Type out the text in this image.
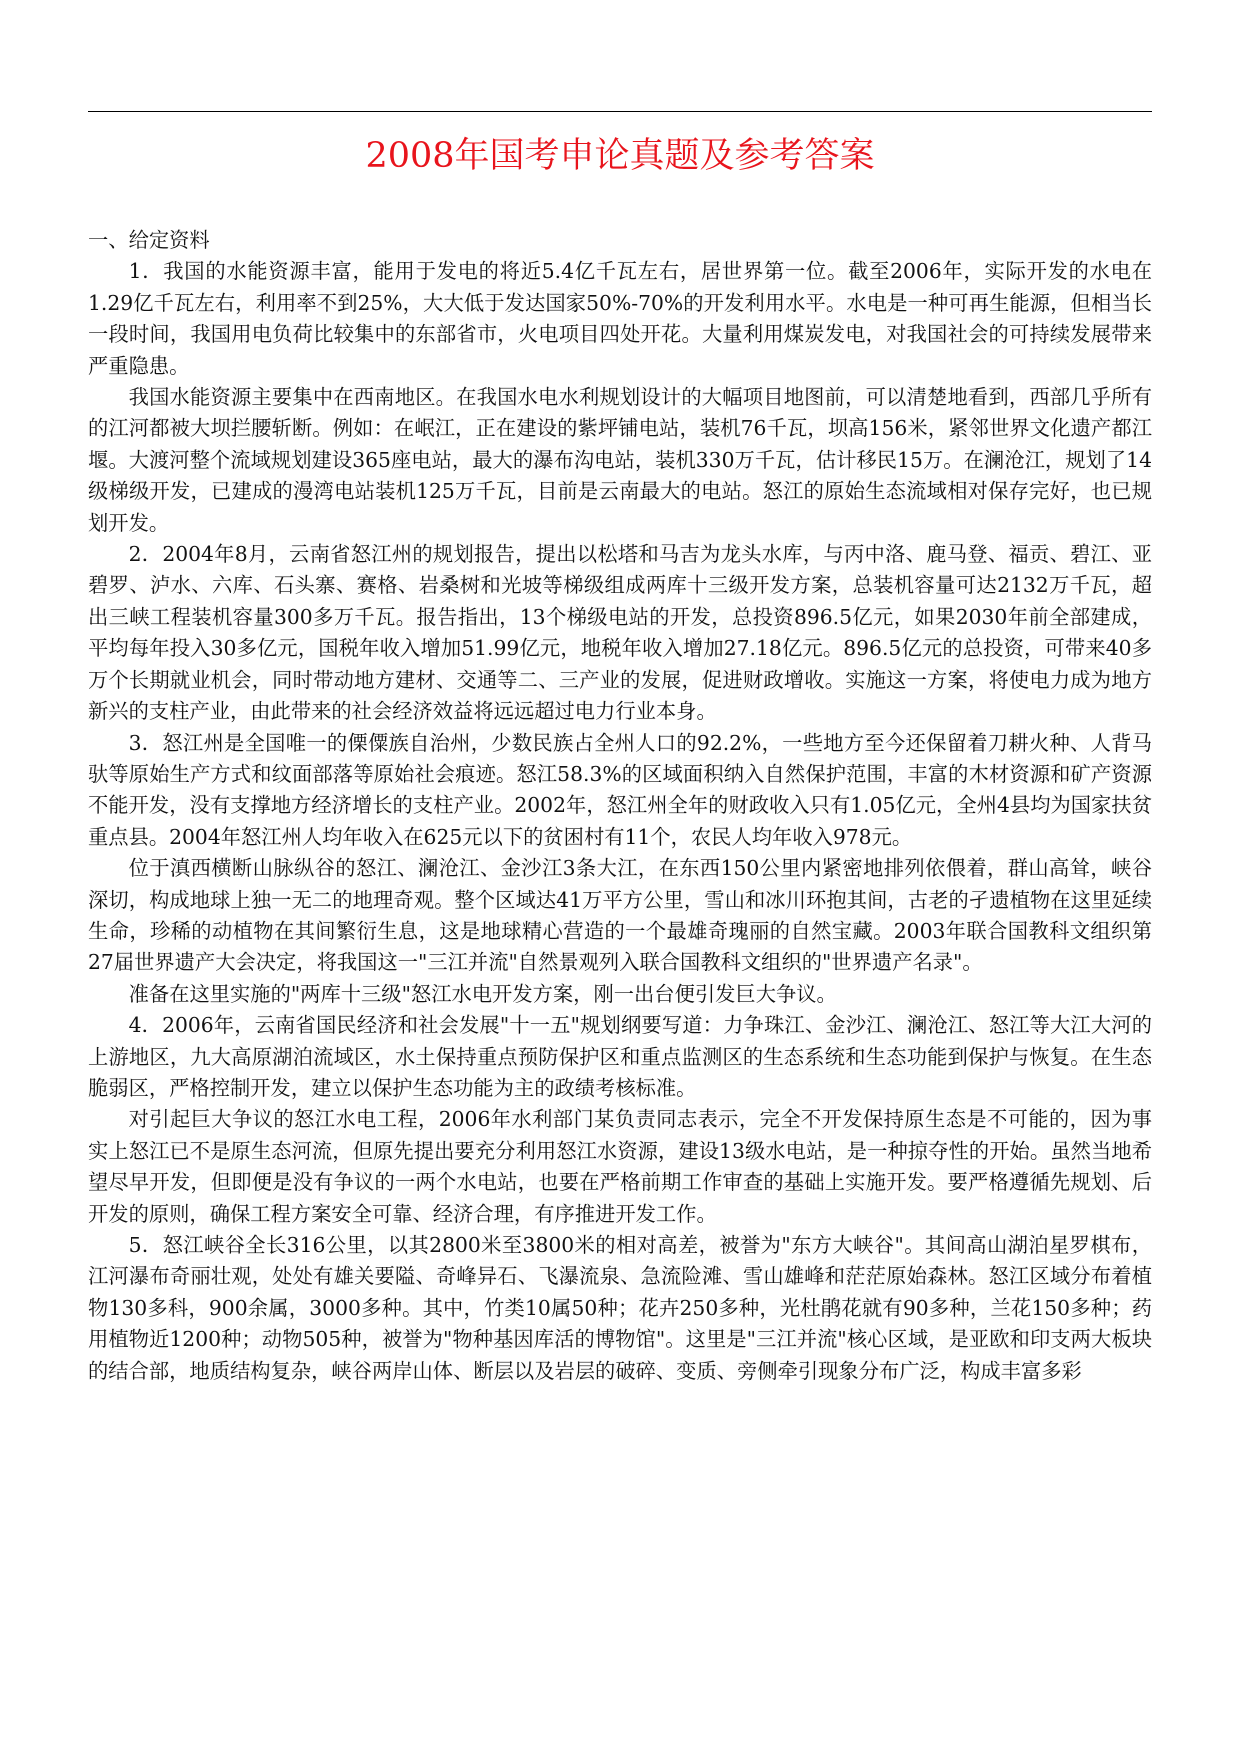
2008年国考申论真题及参考答案

一、给定资料

1．我国的水能资源丰富，能用于发电的将近5.4亿千瓦左右，居世界第一位。截至2006年，实际开发的水电在1.29亿千瓦左右，利用率不到25%，大大低于发达国家50%-70%的开发利用水平。水电是一种可再生能源，但相当长一段时间，我国用电负荷比较集中的东部省市，火电项目四处开花。大量利用煤炭发电，对我国社会的可持续发展带来严重隐患。

我国水能资源主要集中在西南地区。在我国水电水利规划设计的大幅项目地图前，可以清楚地看到，西部几乎所有的江河都被大坝拦腰斩断。例如：在岷江，正在建设的紫坪铺电站，装机76千瓦，坝高156米，紧邻世界文化遗产都江堰。大渡河整个流域规划建设365座电站，最大的瀑布沟电站，装机330万千瓦，估计移民15万。在澜沧江，规划了14级梯级开发，已建成的漫湾电站装机125万千瓦，目前是云南最大的电站。怒江的原始生态流域相对保存完好，也已规划开发。

2．2004年8月，云南省怒江州的规划报告，提出以松塔和马吉为龙头水库，与丙中洛、鹿马登、福贡、碧江、亚碧罗、泸水、六库、石头寨、赛格、岩桑树和光坡等梯级组成两库十三级开发方案，总装机容量可达2132万千瓦，超出三峡工程装机容量300多万千瓦。报告指出，13个梯级电站的开发，总投资896.5亿元，如果2030年前全部建成，平均每年投入30多亿元，国税年收入增加51.99亿元，地税年收入增加27.18亿元。896.5亿元的总投资，可带来40多万个长期就业机会，同时带动地方建材、交通等二、三产业的发展，促进财政增收。实施这一方案，将使电力成为地方新兴的支柱产业，由此带来的社会经济效益将远远超过电力行业本身。

3．怒江州是全国唯一的傈僳族自治州，少数民族占全州人口的92.2%，一些地方至今还保留着刀耕火种、人背马驮等原始生产方式和纹面部落等原始社会痕迹。怒江58.3%的区域面积纳入自然保护范围，丰富的木材资源和矿产资源不能开发，没有支撑地方经济增长的支柱产业。2002年，怒江州全年的财政收入只有1.05亿元，全州4县均为国家扶贫重点县。2004年怒江州人均年收入在625元以下的贫困村有11个，农民人均年收入978元。

位于滇西横断山脉纵谷的怒江、澜沧江、金沙江3条大江，在东西150公里内紧密地排列依偎着，群山高耸，峡谷深切，构成地球上独一无二的地理奇观。整个区域达41万平方公里，雪山和冰川环抱其间，古老的孑遗植物在这里延续生命，珍稀的动植物在其间繁衍生息，这是地球精心营造的一个最雄奇瑰丽的自然宝藏。2003年联合国教科文组织第27届世界遗产大会决定，将我国这一"三江并流"自然景观列入联合国教科文组织的"世界遗产名录"。

准备在这里实施的"两库十三级"怒江水电开发方案，刚一出台便引发巨大争议。

4．2006年，云南省国民经济和社会发展"十一五"规划纲要写道：力争珠江、金沙江、澜沧江、怒江等大江大河的上游地区，九大高原湖泊流域区，水土保持重点预防保护区和重点监测区的生态系统和生态功能到保护与恢复。在生态脆弱区，严格控制开发，建立以保护生态功能为主的政绩考核标准。

对引起巨大争议的怒江水电工程，2006年水利部门某负责同志表示，完全不开发保持原生态是不可能的，因为事实上怒江已不是原生态河流，但原先提出要充分利用怒江水资源，建设13级水电站，是一种掠夺性的开始。虽然当地希望尽早开发，但即便是没有争议的一两个水电站，也要在严格前期工作审查的基础上实施开发。要严格遵循先规划、后开发的原则，确保工程方案安全可靠、经济合理，有序推进开发工作。

5．怒江峡谷全长316公里，以其2800米至3800米的相对高差，被誉为"东方大峡谷"。其间高山湖泊星罗棋布，江河瀑布奇丽壮观，处处有雄关要隘、奇峰异石、飞瀑流泉、急流险滩、雪山雄峰和茫茫原始森林。怒江区域分布着植物130多科，900余属，3000多种。其中，竹类10属50种；花卉250多种，光杜鹃花就有90多种，兰花150多种；药用植物近1200种；动物505种，被誉为"物种基因库活的博物馆"。这里是"三江并流"核心区域，是亚欧和印支两大板块的结合部，地质结构复杂，峡谷两岸山体、断层以及岩层的破碎、变质、旁侧牵引现象分布广泛，构成丰富多彩
